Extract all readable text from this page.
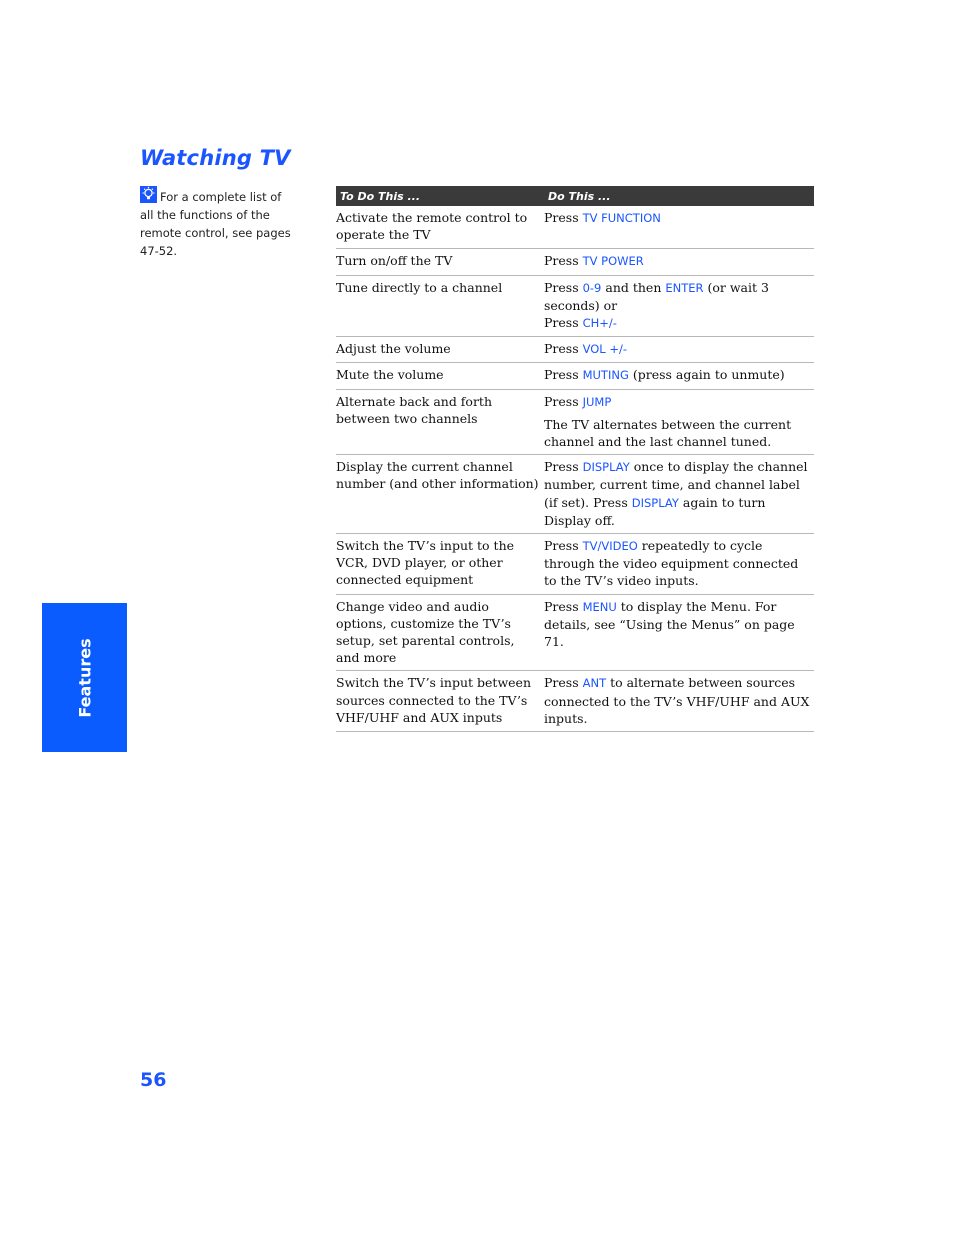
Watching TV
For a complete list of all the functions of the remote control, see pages 47-52.
To Do This ...	Do This ...
Activate the remote control to operate the TV	Press TV FUNCTION

Turn on/off the TV	Press TV POWER
Tune directly to a channel	Press 0-9 and then ENTER (or wait 3 seconds) or
Press CH+/-
Adjust the volume	Press VOL +/-
Mute the volume	Press MUTING (press again to unmute)
Alternate back and forth between two channels	Press JUMP
The TV alternates between the current channel and the last channel tuned.
Display the current channel number (and other information)	Press DISPLAY once to display the channel number, current time, and channel label (if set). Press DISPLAY again to turn Display off.
Switch the TV’s input to the VCR, DVD player, or other connected equipment	Press TV/VIDEO repeatedly to cycle through the video equipment connected to the TV’s video inputs.
Change video and audio options, customize the TV’s setup, set parental controls, and more	Press MENU to display the Menu. For details, see “Using the Menus” on page 71.
Switch the TV’s input between sources connected to the TV’s VHF/UHF and AUX inputs	Press ANT to alternate between sources connected to the TV’s VHF/UHF and AUX inputs.
Features
56
